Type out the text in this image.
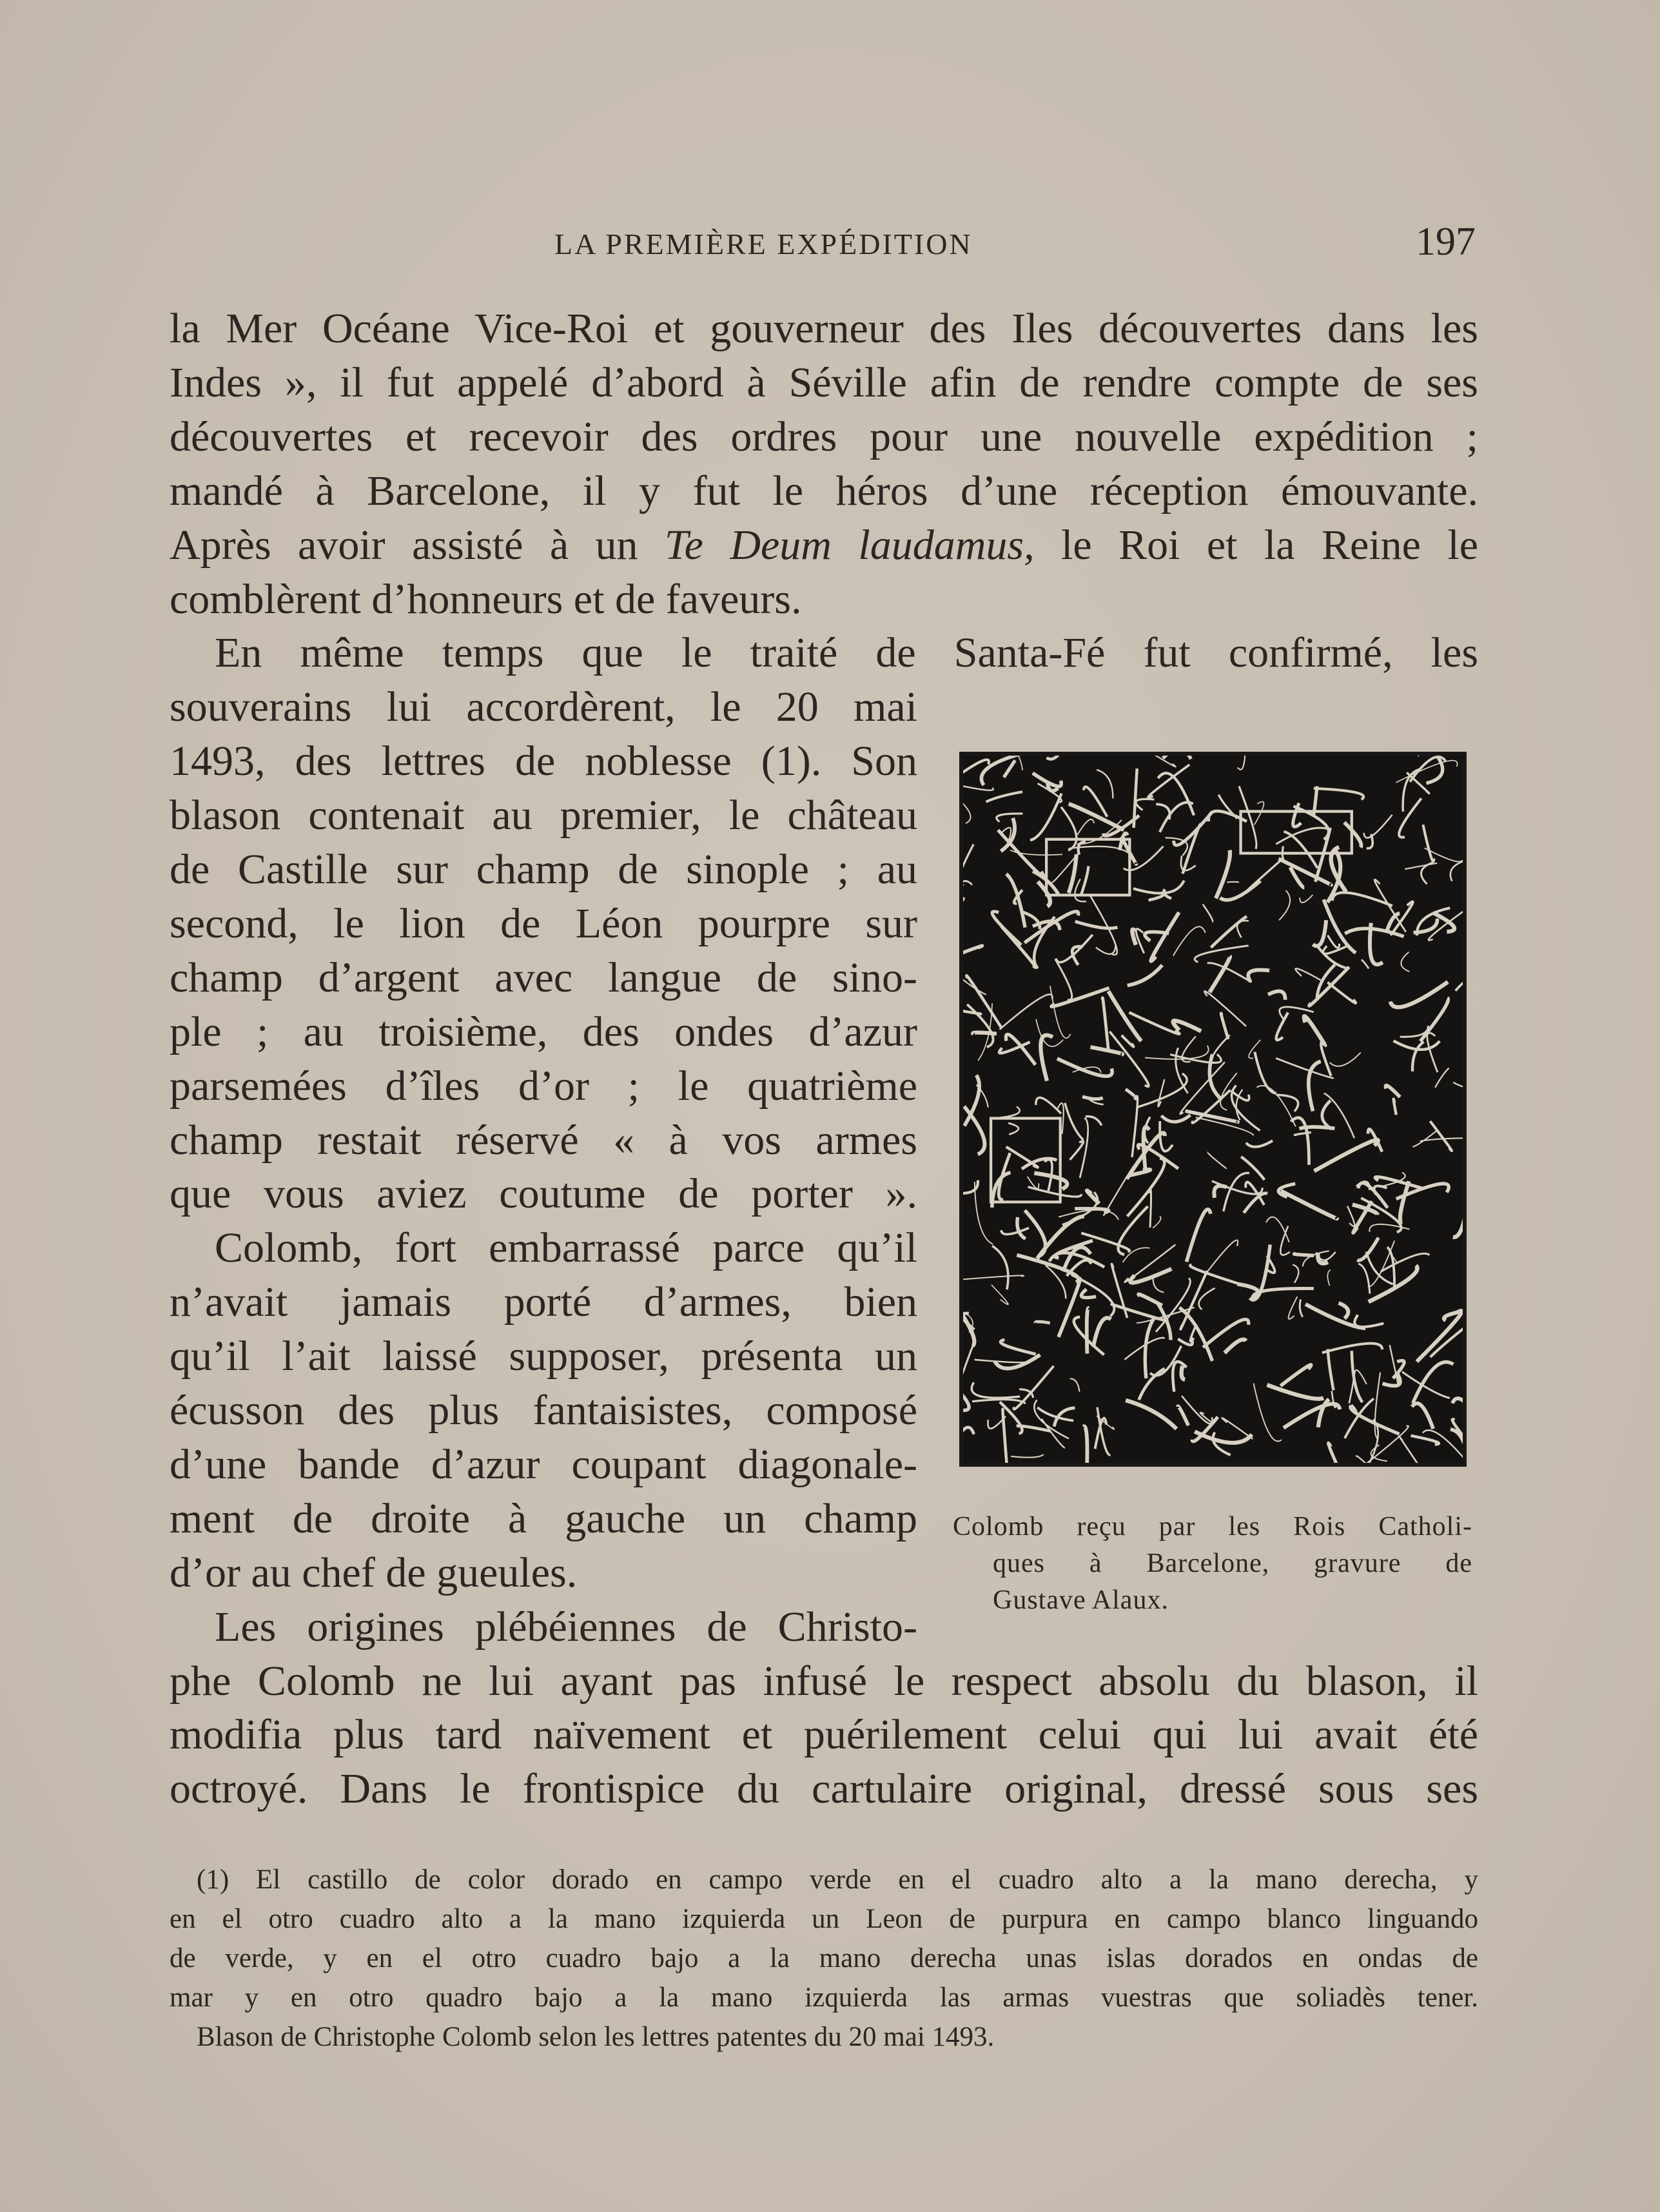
LA PREMIÈRE EXPÉDITION	197
la Mer Océane Vice-Roi et gouverneur des Iles découvertes dans les
Indes », il fut appelé d’abord à Séville afin de rendre compte de ses
découvertes et recevoir des ordres pour une nouvelle expédition ;
mandé à Barcelone, il y fut le héros d’une réception émouvante.
Après avoir assisté à un Te Deum laudamus, le Roi et la Reine le
comblèrent d’honneurs et de faveurs.
En même temps que le traité de Santa-Fé fut confirmé, les
souverains lui accordèrent, le 20 mai
1493, des lettres de noblesse (1). Son
blason contenait au premier, le château
de Castille sur champ de sinople ; au
second, le lion de Léon pourpre sur
champ d’argent avec langue de sino-
ple ; au troisième, des ondes d’azur
parsemées d’îles d’or ; le quatrième
champ restait réservé « à vos armes
que vous aviez coutume de porter ».
Colomb, fort embarrassé parce qu’il
n’avait jamais porté d’armes, bien
qu’il l’ait laissé supposer, présenta un
écusson des plus fantaisistes, composé
d’une bande d’azur coupant diagonale-
ment de droite à gauche un champ
d’or au chef de gueules.
Les origines plébéiennes de Christo-
phe Colomb ne lui ayant pas infusé le respect absolu du blason, il
modifia plus tard naïvement et puérilement celui qui lui avait été
octroyé. Dans le frontispice du cartulaire original, dressé sous ses
Colomb reçu par les Rois Catholi-
ques à Barcelone, gravure de
Gustave Alaux.
(1) El castillo de color dorado en campo verde en el cuadro alto a la mano derecha, y
en el otro cuadro alto a la mano izquierda un Leon de purpura en campo blanco linguando
de verde, y en el otro cuadro bajo a la mano derecha unas islas dorados en ondas de
mar y en otro quadro bajo a la mano izquierda las armas vuestras que soliadès tener.
Blason de Christophe Colomb selon les lettres patentes du 20 mai 1493.
